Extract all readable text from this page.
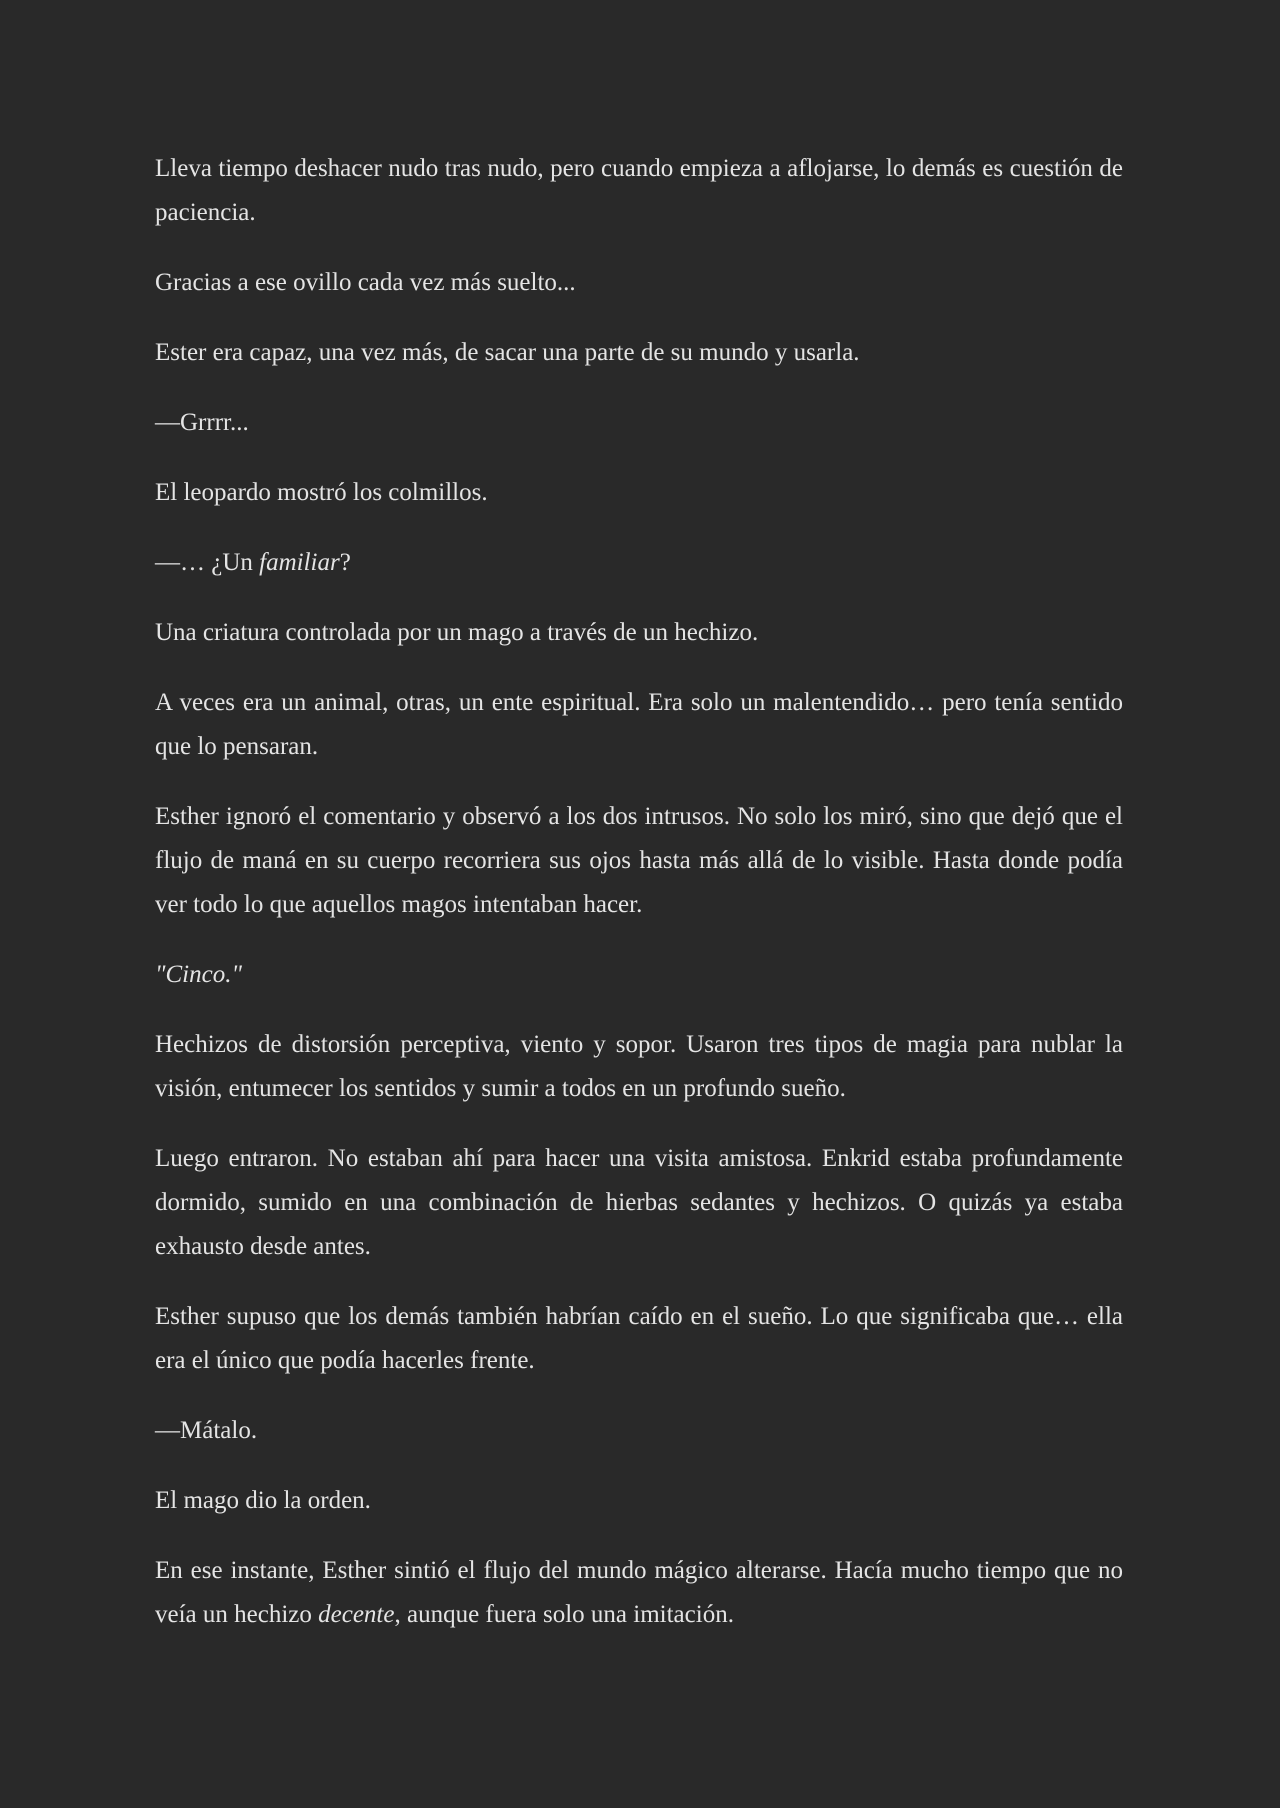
Lleva tiempo deshacer nudo tras nudo, pero cuando empieza a aflojarse, lo demás es cuestión de paciencia.

Gracias a ese ovillo cada vez más suelto...

Ester era capaz, una vez más, de sacar una parte de su mundo y usarla.

—Grrrr...

El leopardo mostró los colmillos.

—… ¿Un familiar?

Una criatura controlada por un mago a través de un hechizo.

A veces era un animal, otras, un ente espiritual. Era solo un malentendido… pero tenía sentido que lo pensaran.

Esther ignoró el comentario y observó a los dos intrusos. No solo los miró, sino que dejó que el flujo de maná en su cuerpo recorriera sus ojos hasta más allá de lo visible. Hasta donde podía ver todo lo que aquellos magos intentaban hacer.

"Cinco."

Hechizos de distorsión perceptiva, viento y sopor. Usaron tres tipos de magia para nublar la visión, entumecer los sentidos y sumir a todos en un profundo sueño.

Luego entraron. No estaban ahí para hacer una visita amistosa. Enkrid estaba profundamente dormido, sumido en una combinación de hierbas sedantes y hechizos. O quizás ya estaba exhausto desde antes.

Esther supuso que los demás también habrían caído en el sueño. Lo que significaba que… ella era el único que podía hacerles frente.

—Mátalo.

El mago dio la orden.

En ese instante, Esther sintió el flujo del mundo mágico alterarse. Hacía mucho tiempo que no veía un hechizo decente, aunque fuera solo una imitación.
